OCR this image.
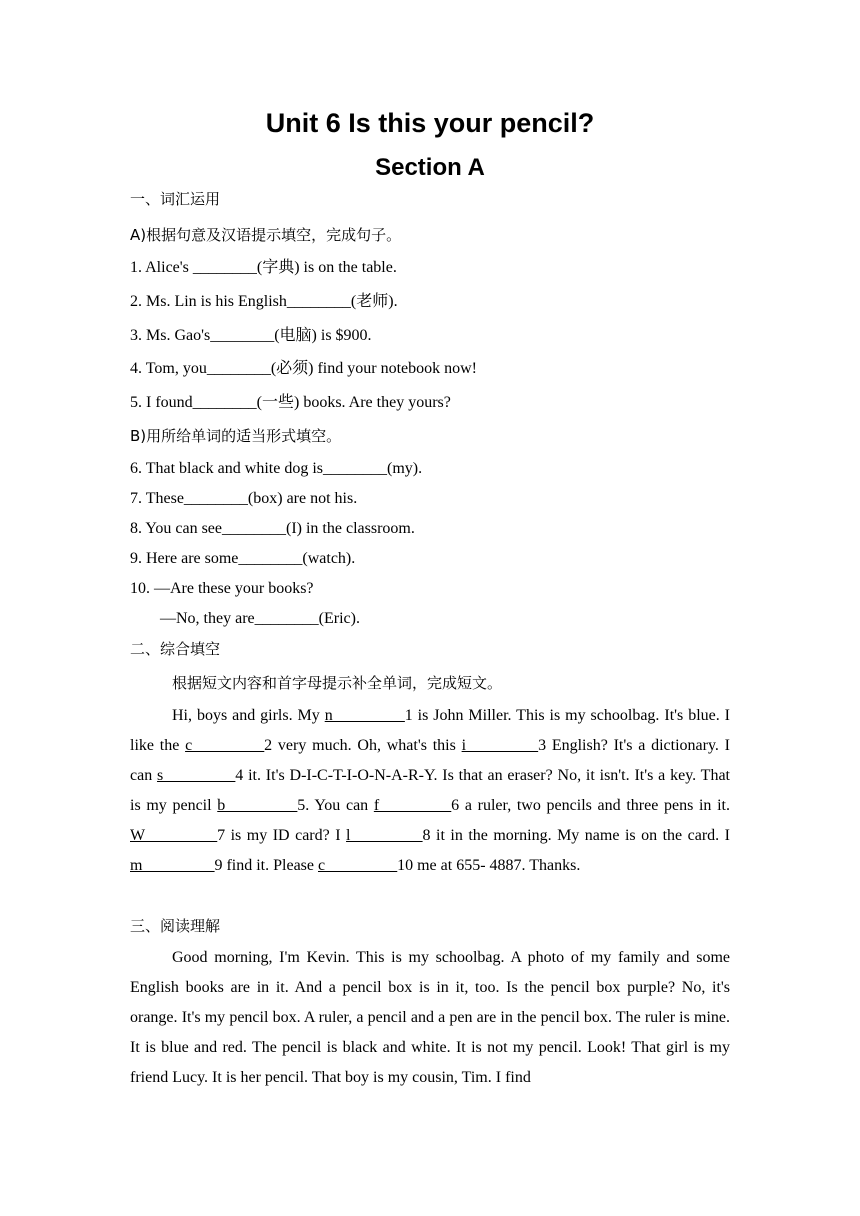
Unit 6 Is this your pencil?
Section A
一、词汇运用
A)根据句意及汉语提示填空，完成句子。
1. Alice's ________(字典) is on the table.
2. Ms. Lin is his English________(老师).
3. Ms. Gao's________(电脑) is $900.
4. Tom, you________(必须) find your notebook now!
5. I found________(一些) books. Are they yours?
B)用所给单词的适当形式填空。
6. That black and white dog is________(my).
7. These________(box) are not his.
8. You can see________(I) in the classroom.
9. Here are some________(watch).
10. —Are these your books?
—No, they are________(Eric).
二、综合填空
根据短文内容和首字母提示补全单词，完成短文。
Hi, boys and girls. My n_________1 is John Miller. This is my schoolbag. It's blue. I like the c_________2 very much. Oh, what's this i_________3 English? It's a dictionary. I can s_________4 it. It's D-I-C-T-I-O-N-A-R-Y. Is that an eraser? No, it isn't. It's a key. That is my pencil b_________5. You can f_________6 a ruler, two pencils and three pens in it. W_________7 is my ID card? I l_________8 it in the morning. My name is on the card. I m_________9 find it. Please c_________10 me at 655- 4887. Thanks.
三、阅读理解
Good morning, I'm Kevin. This is my schoolbag. A photo of my family and some English books are in it. And a pencil box is in it, too. Is the pencil box purple? No, it's orange. It's my pencil box. A ruler, a pencil and a pen are in the pencil box. The ruler is mine. It is blue and red. The pencil is black and white. It is not my pencil. Look! That girl is my friend Lucy. It is her pencil. That boy is my cousin, Tim. I find
